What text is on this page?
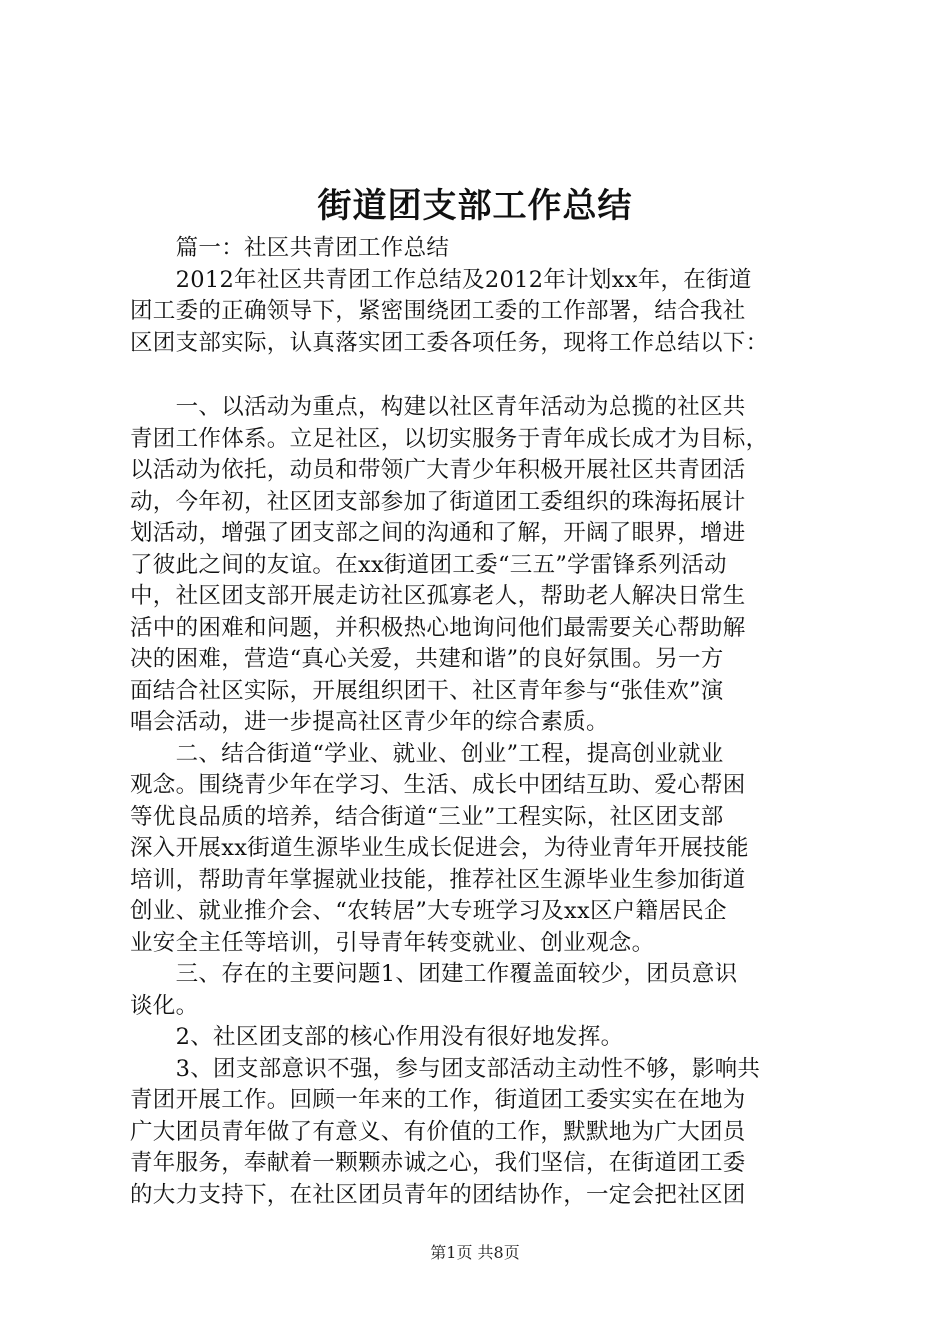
街道团支部工作总结
　　篇一：社区共青团工作总结
　　2012年社区共青团工作总结及2012年计划xx年，在街道
团工委的正确领导下，紧密围绕团工委的工作部署，结合我社
区团支部实际，认真落实团工委各项任务，现将工作总结以下：
　　一、以活动为重点，构建以社区青年活动为总揽的社区共
青团工作体系。立足社区，以切实服务于青年成长成才为目标，
以活动为依托，动员和带领广大青少年积极开展社区共青团活
动，今年初，社区团支部参加了街道团工委组织的珠海拓展计
划活动，增强了团支部之间的沟通和了解，开阔了眼界，增进
了彼此之间的友谊。在xx街道团工委“三五”学雷锋系列活动
中，社区团支部开展走访社区孤寡老人，帮助老人解决日常生
活中的困难和问题，并积极热心地询问他们最需要关心帮助解
决的困难，营造“真心关爱，共建和谐”的良好氛围。另一方
面结合社区实际，开展组织团干、社区青年参与“张佳欢”演
唱会活动，进一步提高社区青少年的综合素质。
　　二、结合街道“学业、就业、创业”工程，提高创业就业
观念。围绕青少年在学习、生活、成长中团结互助、爱心帮困
等优良品质的培养，结合街道“三业”工程实际，社区团支部
深入开展xx街道生源毕业生成长促进会，为待业青年开展技能
培训，帮助青年掌握就业技能，推荐社区生源毕业生参加街道
创业、就业推介会、“农转居”大专班学习及xx区户籍居民企
业安全主任等培训，引导青年转变就业、创业观念。
　　三、存在的主要问题1、团建工作覆盖面较少，团员意识
谈化。
　　2、社区团支部的核心作用没有很好地发挥。
　　3、团支部意识不强，参与团支部活动主动性不够，影响共
青团开展工作。回顾一年来的工作，街道团工委实实在在地为
广大团员青年做了有意义、有价值的工作，默默地为广大团员
青年服务，奉献着一颗颗赤诚之心，我们坚信，在街道团工委
的大力支持下，在社区团员青年的团结协作，一定会把社区团
第1页 共8页
